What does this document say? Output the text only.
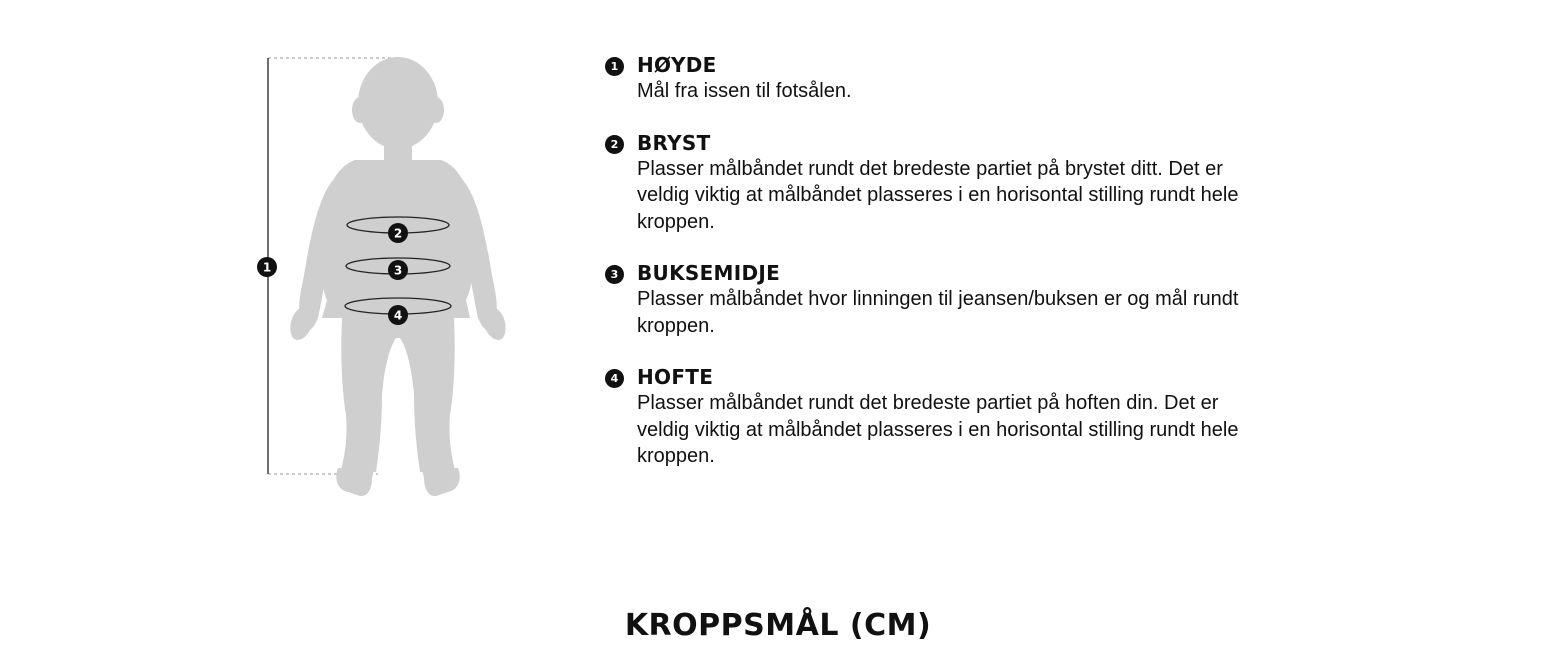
1
2
3
4
1 HØYDE

Mål fra issen til fotsålen.

2 BRYST

Plasser målbåndet rundt det bredeste partiet på brystet ditt. Det er veldig viktig at målbåndet plasseres i en horisontal stilling rundt hele kroppen.

3 BUKSEMIDJE

Plasser målbåndet hvor linningen til jeansen/buksen er og mål rundt kroppen.

4 HOFTE

Plasser målbåndet rundt det bredeste partiet på hoften din. Det er veldig viktig at målbåndet plasseres i en horisontal stilling rundt hele kroppen.

KROPPSMÅL (CM)
